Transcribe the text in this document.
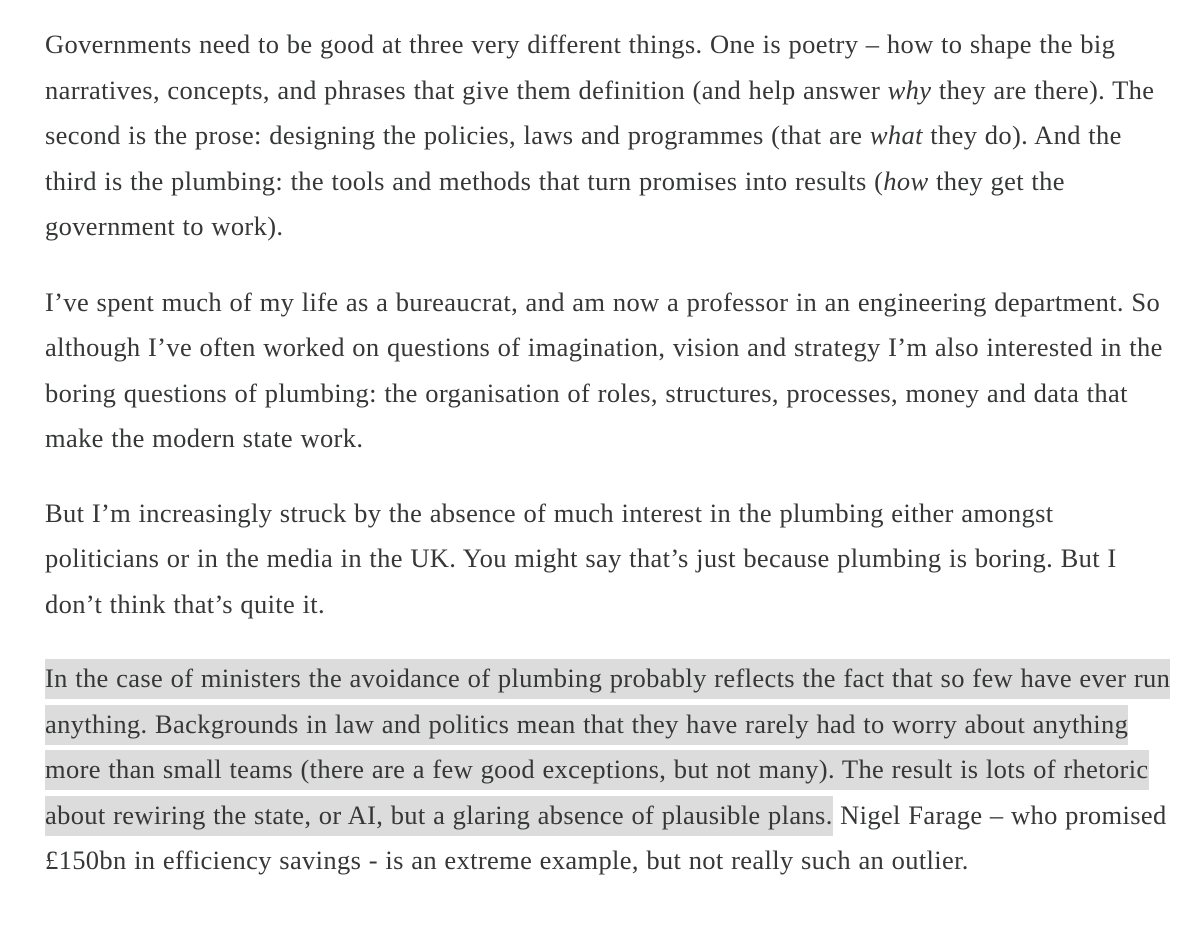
Governments need to be good at three very different things. One is poetry – how to shape the big narratives, concepts, and phrases that give them definition (and help answer why they are there). The second is the prose: designing the policies, laws and programmes (that are what they do). And the third is the plumbing: the tools and methods that turn promises into results (how they get the government to work).

I’ve spent much of my life as a bureaucrat, and am now a professor in an engineering department. So although I’ve often worked on questions of imagination, vision and strategy I’m also interested in the boring questions of plumbing: the organisation of roles, structures, processes, money and data that make the modern state work.

But I’m increasingly struck by the absence of much interest in the plumbing either amongst politicians or in the media in the UK. You might say that’s just because plumbing is boring. But I don’t think that’s quite it.

In the case of ministers the avoidance of plumbing probably reflects the fact that so few have ever run anything. Backgrounds in law and politics mean that they have rarely had to worry about anything more than small teams (there are a few good exceptions, but not many). The result is lots of rhetoric about rewiring the state, or AI, but a glaring absence of plausible plans. Nigel Farage – who promised £150bn in efficiency savings - is an extreme example, but not really such an outlier.
